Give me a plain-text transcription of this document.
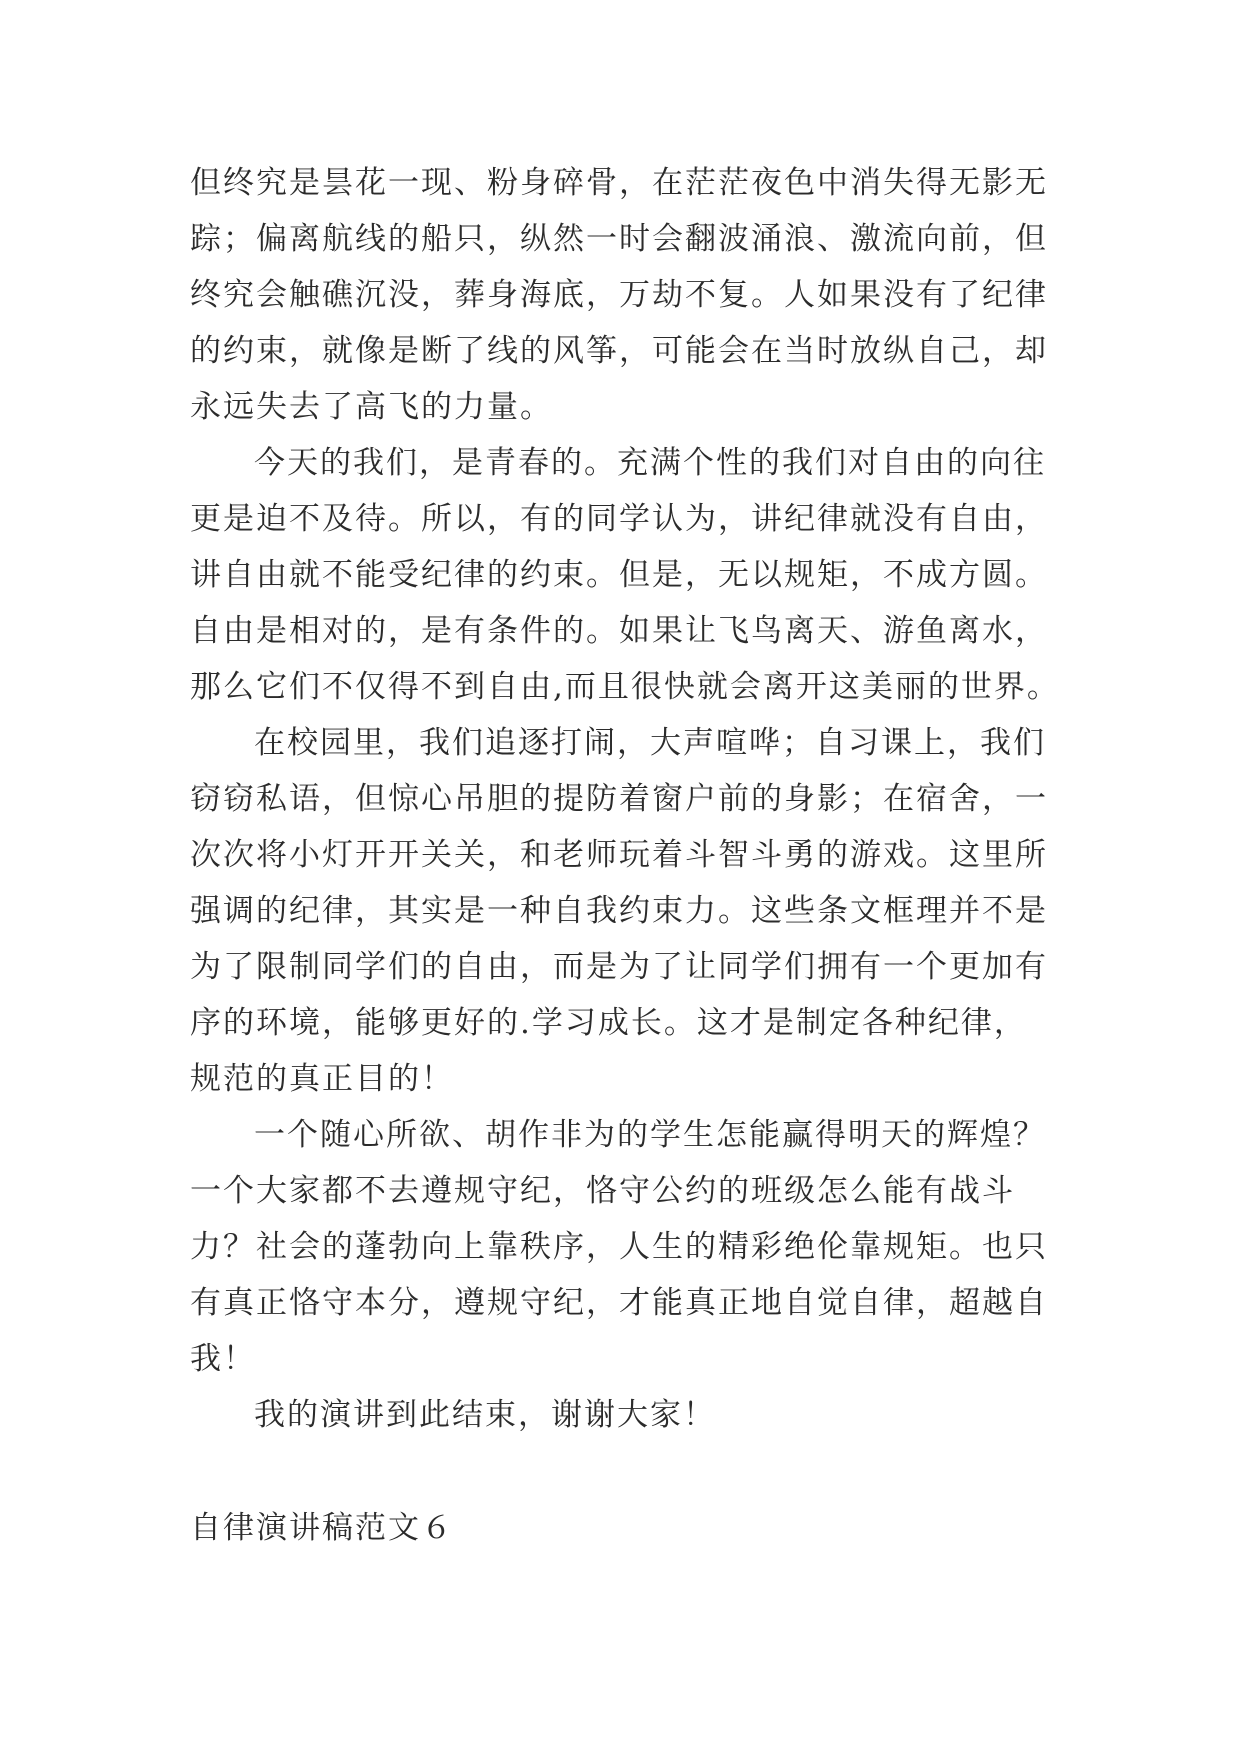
但终究是昙花一现、粉身碎骨，在茫茫夜色中消失得无影无

踪；偏离航线的船只，纵然一时会翻波涌浪、激流向前，但

终究会触礁沉没，葬身海底，万劫不复。人如果没有了纪律

的约束，就像是断了线的风筝，可能会在当时放纵自己，却

永远失去了高飞的力量。

今天的我们，是青春的。充满个性的我们对自由的向往

更是迫不及待。所以，有的同学认为，讲纪律就没有自由，

讲自由就不能受纪律的约束。但是，无以规矩，不成方圆。

自由是相对的，是有条件的。如果让飞鸟离天、游鱼离水，

那么它们不仅得不到自由,而且很快就会离开这美丽的世界。

在校园里，我们追逐打闹，大声喧哗；自习课上，我们

窃窃私语，但惊心吊胆的提防着窗户前的身影；在宿舍，一

次次将小灯开开关关，和老师玩着斗智斗勇的游戏。这里所

强调的纪律，其实是一种自我约束力。这些条文框理并不是

为了限制同学们的自由，而是为了让同学们拥有一个更加有

序的环境，能够更好的.学习成长。这才是制定各种纪律，

规范的真正目的！

一个随心所欲、胡作非为的学生怎能赢得明天的辉煌？

一个大家都不去遵规守纪，恪守公约的班级怎么能有战斗

力？社会的蓬勃向上靠秩序，人生的精彩绝伦靠规矩。也只

有真正恪守本分，遵规守纪，才能真正地自觉自律，超越自

我！

我的演讲到此结束，谢谢大家！

自律演讲稿范文６
